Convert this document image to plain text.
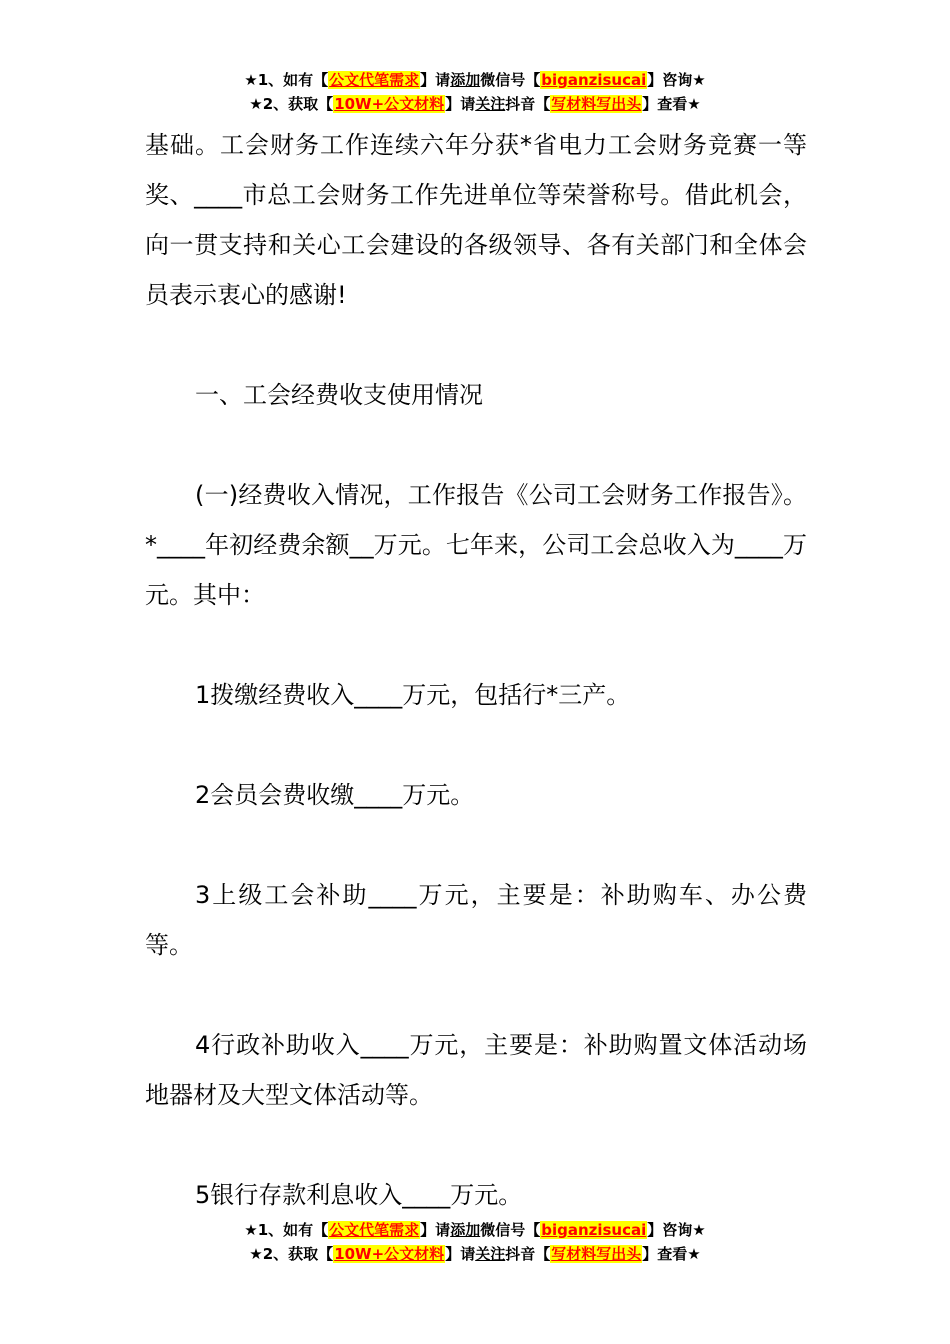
★1、如有【公文代笔需求】请添加微信号【biganzisucai】咨询★
★2、获取【10W+公文材料】请关注抖音【写材料写出头】查看★

基础。工会财务工作连续六年分获*省电力工会财务竞赛一等奖、____市总工会财务工作先进单位等荣誉称号。借此机会，向一贯支持和关心工会建设的各级领导、各有关部门和全体会员表示衷心的感谢!

一、工会经费收支使用情况

(一)经费收入情况，工作报告《公司工会财务工作报告》。 *____年初经费余额__万元。七年来，公司工会总收入为____万元。其中：

1拨缴经费收入____万元，包括行*三产。

2会员会费收缴____万元。

3上级工会补助____万元，主要是：补助购车、办公费等。

4行政补助收入____万元，主要是：补助购置文体活动场地器材及大型文体活动等。

5银行存款利息收入____万元。

★1、如有【公文代笔需求】请添加微信号【biganzisucai】咨询★
★2、获取【10W+公文材料】请关注抖音【写材料写出头】查看★
